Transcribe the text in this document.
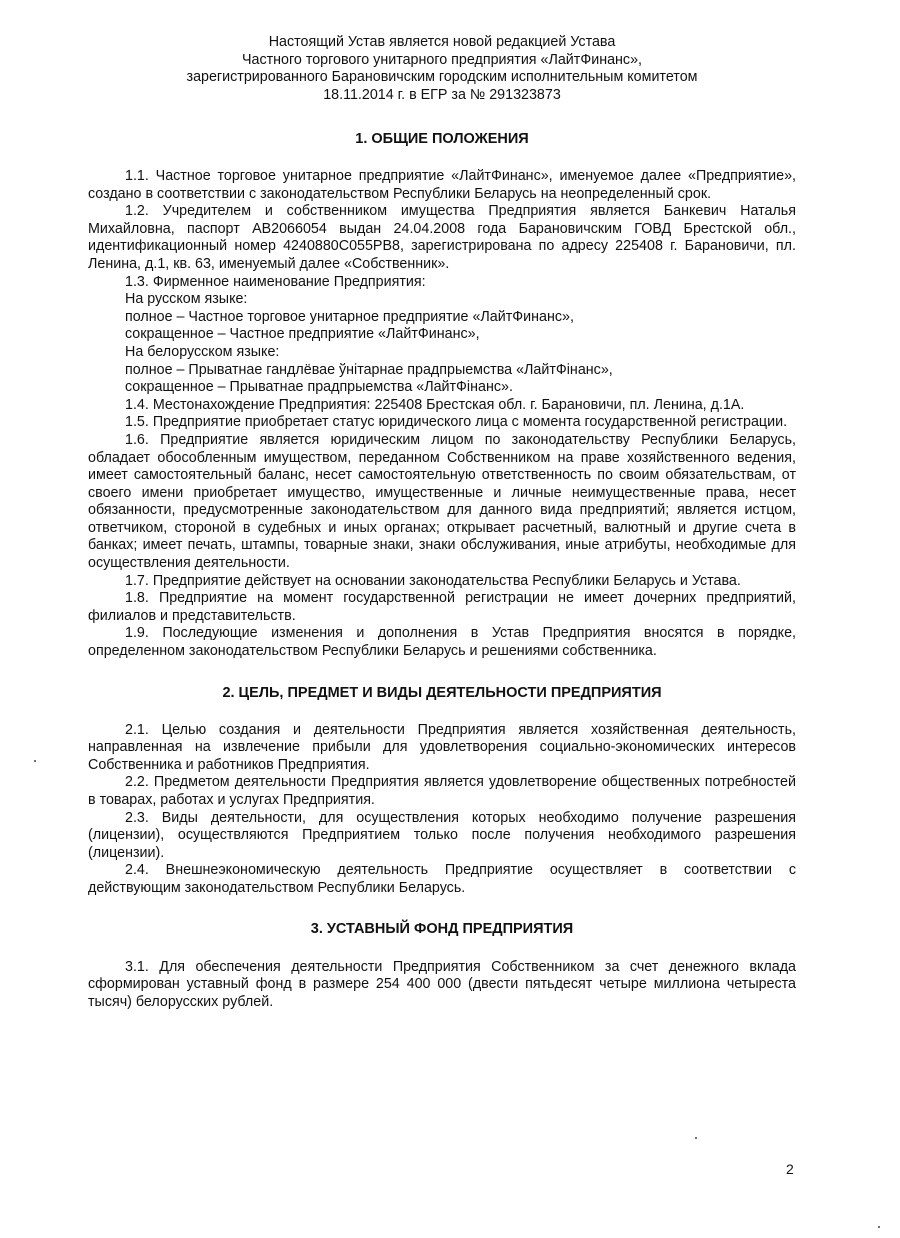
Настоящий Устав является новой редакцией Устава
Частного торгового унитарного предприятия «ЛайтФинанс»,
зарегистрированного Барановичским городским исполнительным комитетом
18.11.2014 г. в ЕГР за № 291323873
1. ОБЩИЕ ПОЛОЖЕНИЯ

1.1. Частное торговое унитарное предприятие «ЛайтФинанс», именуемое далее «Предприятие», создано в соответствии с законодательством Республики Беларусь на неопределенный срок.

1.2. Учредителем и собственником имущества Предприятия является Банкевич Наталья Михайловна, паспорт АВ2066054 выдан 24.04.2008 года Барановичским ГОВД Брестской обл., идентификационный номер 4240880С055РВ8, зарегистрирована по адресу 225408 г. Барановичи, пл. Ленина, д.1, кв. 63, именуемый далее «Собственник».

1.3. Фирменное наименование Предприятия:

На русском языке:

полное – Частное торговое унитарное предприятие «ЛайтФинанс»,

сокращенное – Частное предприятие «ЛайтФинанс»,

На белорусском языке:

полное – Прыватнае гандлёвае ўнітарнае прадпрыемства «ЛайтФінанс»,

сокращенное – Прыватнае прадпрыемства «ЛайтФінанс».

1.4. Местонахождение Предприятия: 225408 Брестская обл. г. Барановичи, пл. Ленина, д.1А.

1.5. Предприятие приобретает статус юридического лица с момента государственной регистрации.

1.6. Предприятие является юридическим лицом по законодательству Республики Беларусь, обладает обособленным имуществом, переданном Собственником на праве хозяйственного ведения, имеет самостоятельный баланс, несет самостоятельную ответственность по своим обязательствам, от своего имени приобретает имущество, имущественные и личные неимущественные права, несет обязанности, предусмотренные законодательством для данного вида предприятий; является истцом, ответчиком, стороной в судебных и иных органах; открывает расчетный, валютный и другие счета в банках; имеет печать, штампы, товарные знаки, знаки обслуживания, иные атрибуты, необходимые для осуществления деятельности.

1.7. Предприятие действует на основании законодательства Республики Беларусь и Устава.

1.8. Предприятие на момент государственной регистрации не имеет дочерних предприятий, филиалов и представительств.

1.9. Последующие изменения и дополнения в Устав Предприятия вносятся в порядке, определенном законодательством Республики Беларусь и решениями собственника.

2. ЦЕЛЬ, ПРЕДМЕТ И ВИДЫ ДЕЯТЕЛЬНОСТИ ПРЕДПРИЯТИЯ

2.1. Целью создания и деятельности Предприятия является хозяйственная деятельность, направленная на извлечение прибыли для удовлетворения социально-экономических интересов Собственника и работников Предприятия.

2.2. Предметом деятельности Предприятия является удовлетворение общественных потребностей в товарах, работах и услугах Предприятия.

2.3. Виды деятельности, для осуществления которых необходимо получение разрешения (лицензии), осуществляются Предприятием только после получения необходимого разрешения (лицензии).

2.4. Внешнеэкономическую деятельность Предприятие осуществляет в соответствии с действующим законодательством Республики Беларусь.

3. УСТАВНЫЙ ФОНД ПРЕДПРИЯТИЯ

3.1. Для обеспечения деятельности Предприятия Собственником за счет денежного вклада сформирован уставный фонд в размере 254 400 000 (двести пятьдесят четыре миллиона четыреста тысяч) белорусских рублей.

2
